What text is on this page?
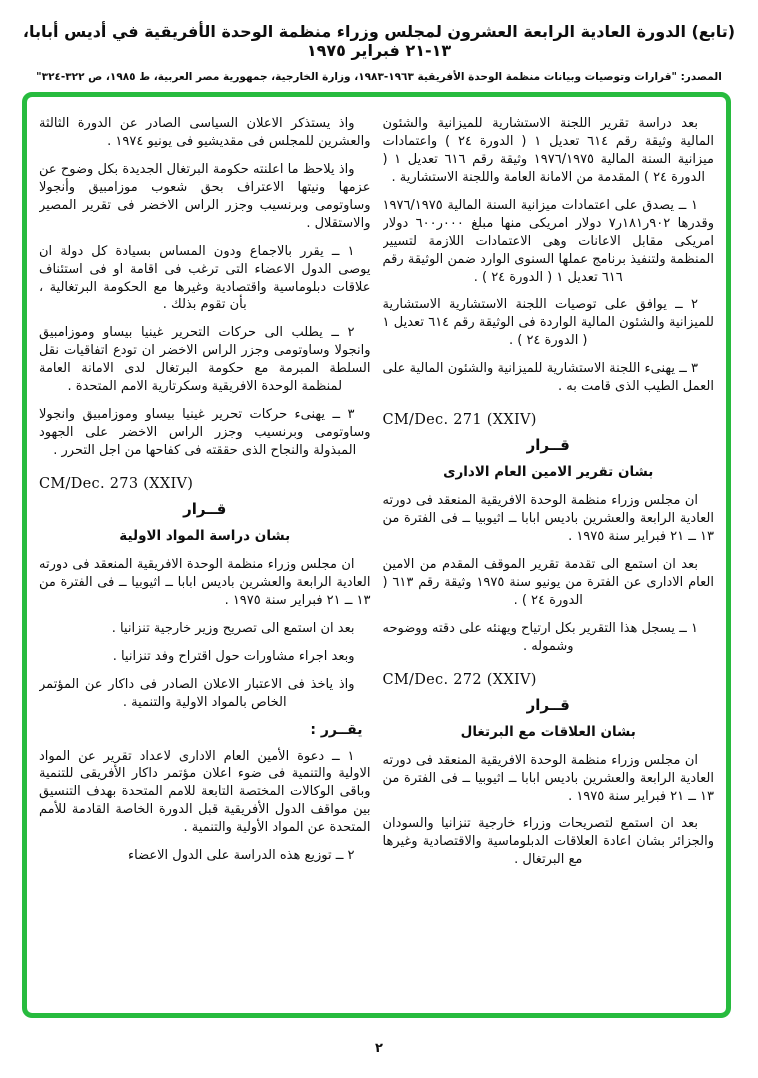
(تابع) الدورة العادية الرابعة العشرون لمجلس وزراء منظمة الوحدة الأفريقية في أديس أبابا، ١٣-٢١ فبراير ١٩٧٥
المصدر: "قرارات وتوصيات وبيانات منظمة الوحدة الأفريقية ١٩٦٣-١٩٨٣، وزارة الخارجية، جمهورية مصر العربية، ط ١٩٨٥، ص ٣٢٢-٣٢٤"

بعد دراسة تقرير اللجنة الاستشارية للميزانية والشئون المالية وثيقة رقم ٦١٤ تعديل ١ ( الدورة ٢٤ ) واعتمادات ميزانية السنة المالية ١٩٧٦/١٩٧٥ وثيقة رقم ٦١٦ تعديل ١ ( الدورة ٢٤ ) المقدمة من الامانة العامة واللجنة الاستشارية .

١ ــ يصدق على اعتمادات ميزانية السنة المالية ١٩٧٦/١٩٧٥ وقدرها ٩٠٢ر١٨١ر٧ دولار امريكى منها مبلغ ٠٠٠ر٦٠٠ دولار امريكى مقابل الاعانات وهى الاعتمادات اللازمة لتسيير المنظمة ولتنفيذ برنامج عملها السنوى الوارد ضمن الوثيقة رقم ٦١٦ تعديل ١ ( الدورة ٢٤ ) .

٢ ــ يوافق على توصيات اللجنة الاستشارية الاستشارية للميزانية والشئون المالية الواردة فى الوثيقة رقم ٦١٤ تعديل ١ ( الدورة ٢٤ ) .

٣ ــ يهنىء اللجنة الاستشارية للميزانية والشئون المالية على العمل الطيب الذى قامت به .

CM/Dec. 271 (XXIV)
قــرار
بشان تقرير الامين العام الادارى

ان مجلس وزراء منظمة الوحدة الافريقية المنعقد فى دورته العادية الرابعة والعشرين باديس ابابا ــ اثيوبيا ــ فى الفترة من ١٣ ــ ٢١ فبراير سنة ١٩٧٥ .

بعد ان استمع الى تقدمة تقرير الموقف المقدم من الامين العام الادارى عن الفترة من يونيو سنة ١٩٧٥ وثيقة رقم ٦١٣ ( الدورة ٢٤ ) .

١ ــ يسجل هذا التقرير بكل ارتياح ويهنئه على دقته ووضوحه وشموله .

CM/Dec. 272 (XXIV)
قــرار
بشان العلاقات مع البرتغال

ان مجلس وزراء منظمة الوحدة الافريقية المنعقد فى دورته العادية الرابعة والعشرين باديس ابابا ــ اثيوبيا ــ فى الفترة من ١٣ ــ ٢١ فبراير سنة ١٩٧٥ .

بعد ان استمع لتصريحات وزراء خارجية تنزانيا والسودان والجزائر بشان اعادة العلاقات الدبلوماسية والاقتصادية وغيرها مع البرتغال .

واذ يستذكر الاعلان السياسى الصادر عن الدورة الثالثة والعشرين للمجلس فى مقديشيو فى يونيو ١٩٧٤ .

واذ يلاحظ ما اعلنته حكومة البرتغال الجديدة بكل وضوح عن عزمها ونيتها الاعتراف بحق شعوب موزامبيق وأنجولا وساوتومى وبرنسيب وجزر الراس الاخضر فى تقرير المصير والاستقلال .

١ ــ يقرر بالاجماع ودون المساس بسيادة كل دولة ان يوصى الدول الاعضاء التى ترغب فى اقامة او فى استئناف علاقات دبلوماسية واقتصادية وغيرها مع الحكومة البرتغالية ، بأن تقوم بذلك .

٢ ــ يطلب الى حركات التحرير غينيا بيساو وموزامبيق وانجولا وساوتومى وجزر الراس الاخضر ان تودع اتفاقيات نقل السلطة المبرمة مع حكومة البرتغال لدى الامانة العامة لمنظمة الوحدة الافريقية وسكرتارية الامم المتحدة .

٣ ــ يهنىء حركات تحرير غينيا بيساو وموزامبيق وانجولا وساوتومى وبرنسيب وجزر الراس الاخضر على الجهود المبذولة والنجاح الذى حققته فى كفاحها من اجل التحرر .

CM/Dec. 273 (XXIV)
قــرار
بشان دراسة المواد الاولية

ان مجلس وزراء منظمة الوحدة الافريقية المنعقد فى دورته العادية الرابعة والعشرين باديس ابابا ــ اثيوبيا ــ فى الفترة من ١٣ ــ ٢١ فبراير سنة ١٩٧٥ .

بعد ان استمع الى تصريح وزير خارجية تنزانيا .

وبعد اجراء مشاورات حول اقتراح وفد تنزانيا .

واذ ياخذ فى الاعتبار الاعلان الصادر فى داكار عن المؤتمر الخاص بالمواد الاولية والتنمية .

يقــرر :

١ ــ دعوة الأمين العام الادارى لاعداد تقرير عن المواد الاولية والتنمية فى ضوء اعلان مؤتمر داكار الأفريقى للتنمية وباقى الوكالات المختصة التابعة للامم المتحدة بهدف التنسيق بين مواقف الدول الأفريقية قبل الدورة الخاصة القادمة للأمم المتحدة عن المواد الأولية والتنمية .

٢ ــ توزيع هذه الدراسة على الدول الاعضاء

٢
